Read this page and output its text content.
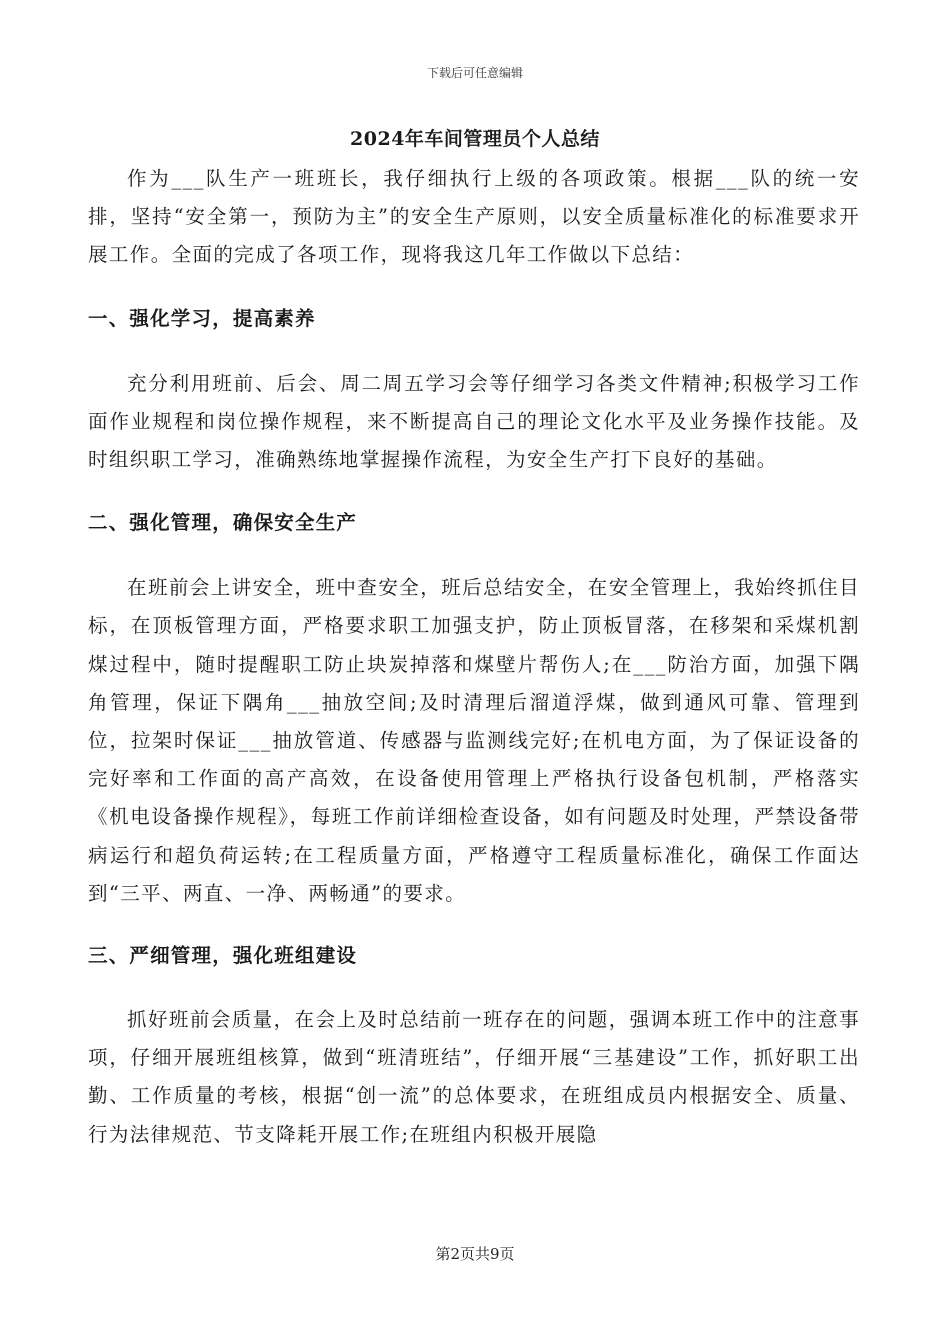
下载后可任意编辑
2024年车间管理员个人总结

作为___队生产一班班长，我仔细执行上级的各项政策。根据___队的统一安排，坚持“安全第一，预防为主”的安全生产原则，以安全质量标准化的标准要求开展工作。全面的完成了各项工作，现将我这几年工作做以下总结：

一、强化学习，提高素养

充分利用班前、后会、周二周五学习会等仔细学习各类文件精神;积极学习工作面作业规程和岗位操作规程，来不断提高自己的理论文化水平及业务操作技能。及时组织职工学习，准确熟练地掌握操作流程，为安全生产打下良好的基础。

二、强化管理，确保安全生产

在班前会上讲安全，班中查安全，班后总结安全，在安全管理上，我始终抓住目标，在顶板管理方面，严格要求职工加强支护，防止顶板冒落，在移架和采煤机割煤过程中，随时提醒职工防止块炭掉落和煤壁片帮伤人;在___防治方面，加强下隅角管理，保证下隅角___抽放空间;及时清理后溜道浮煤，做到通风可靠、管理到位，拉架时保证___抽放管道、传感器与监测线完好;在机电方面，为了保证设备的完好率和工作面的高产高效，在设备使用管理上严格执行设备包机制，严格落实《机电设备操作规程》，每班工作前详细检查设备，如有问题及时处理，严禁设备带病运行和超负荷运转;在工程质量方面，严格遵守工程质量标准化，确保工作面达到“三平、两直、一净、两畅通”的要求。

三、严细管理，强化班组建设

抓好班前会质量，在会上及时总结前一班存在的问题，强调本班工作中的注意事项，仔细开展班组核算，做到“班清班结”，仔细开展“三基建设”工作，抓好职工出勤、工作质量的考核，根据“创一流”的总体要求，在班组成员内根据安全、质量、行为法律规范、节支降耗开展工作;在班组内积极开展隐

第2页共9页
